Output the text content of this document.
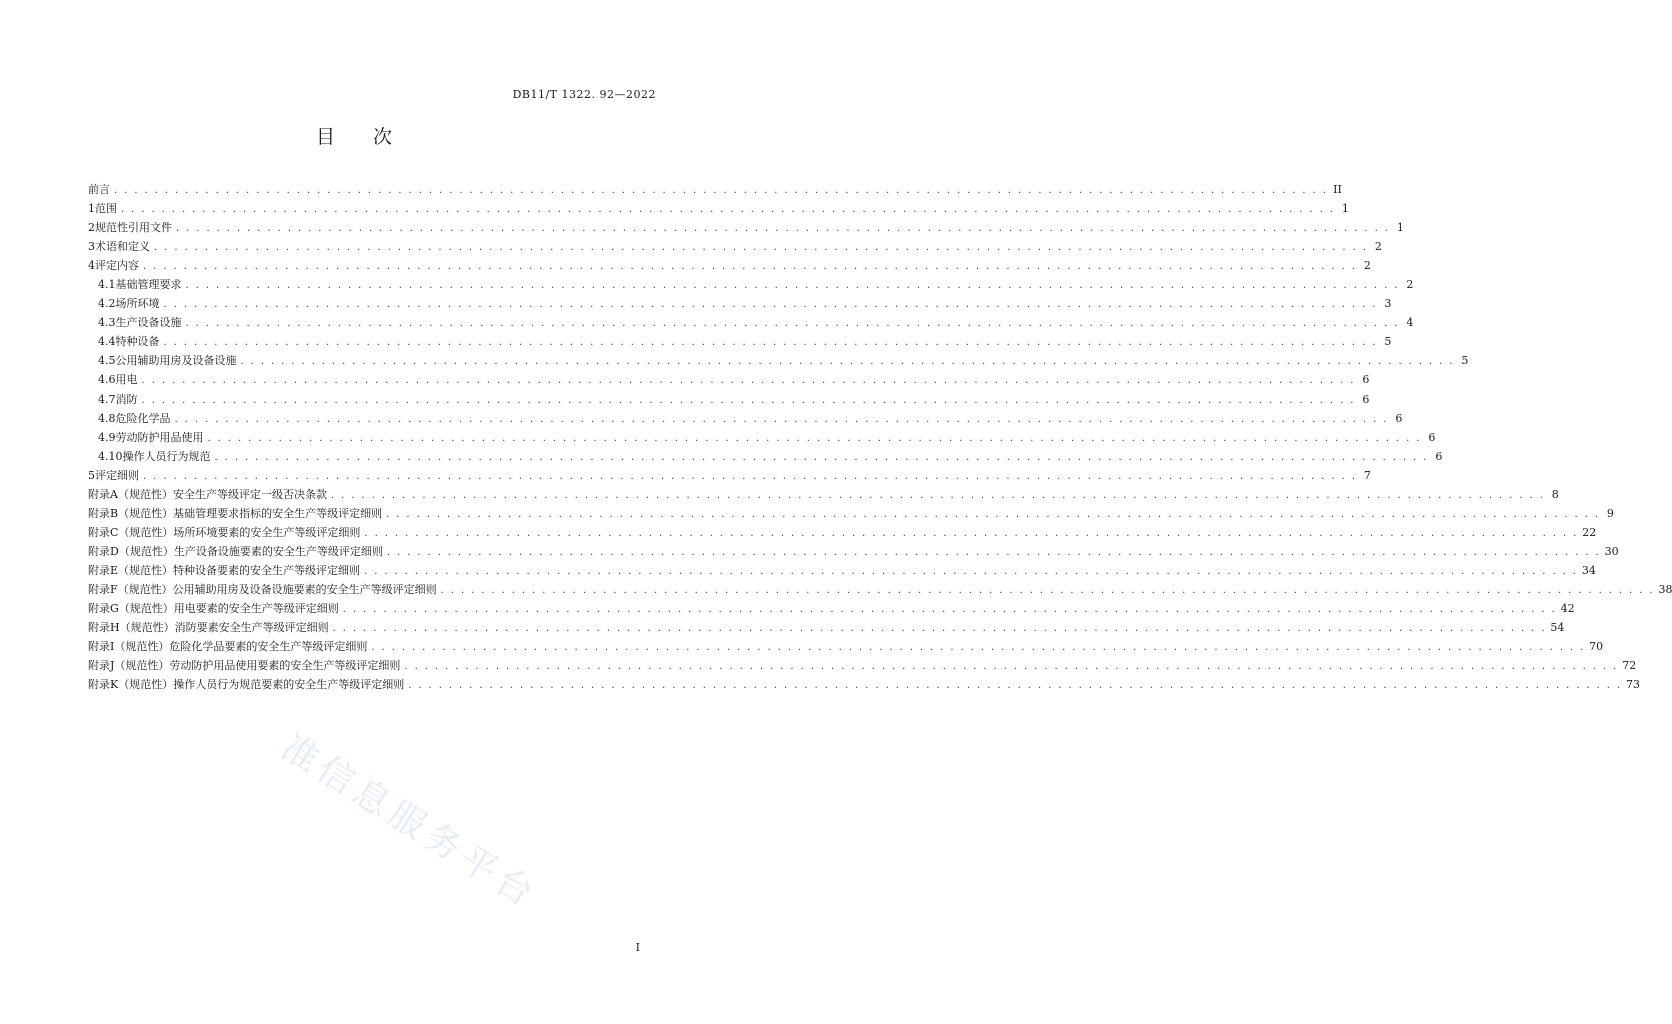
DB11/T 1322. 92—2022
目 次
前言 . . . . . . . . . . . . . . . . . . . . . . . . . . . . . . . . . . . . . . . . . . . . . . . . . . . . . . . . . . . . . . . . . . . . . . . . . . . . . . . . . . . . . . . . . . . . . . . . . . . . . . . . . . . . . . . . . . . . . . . . II
1 范围 . . . . . . . . . . . . . . . . . . . . . . . . . . . . . . . . . . . . . . . . . . . . . . . . . . . . . . . . . . . . . . . . . . . . . . . . . . . . . . . . . . . . . . . . . . . . . . . . . . . . . . . . . . . . . . . . . . . . . . . . 1
2 规范性引用文件 . . . . . . . . . . . . . . . . . . . . . . . . . . . . . . . . . . . . . . . . . . . . . . . . . . . . . . . . . . . . . . . . . . . . . . . . . . . . . . . . . . . . . . . . . . . . . . . . . . . . . . . . . . . . . . . . . . . . . . . . 1
3 术语和定义 . . . . . . . . . . . . . . . . . . . . . . . . . . . . . . . . . . . . . . . . . . . . . . . . . . . . . . . . . . . . . . . . . . . . . . . . . . . . . . . . . . . . . . . . . . . . . . . . . . . . . . . . . . . . . . . . . . . . . . . . 2
4 评定内容 . . . . . . . . . . . . . . . . . . . . . . . . . . . . . . . . . . . . . . . . . . . . . . . . . . . . . . . . . . . . . . . . . . . . . . . . . . . . . . . . . . . . . . . . . . . . . . . . . . . . . . . . . . . . . . . . . . . . . . . . 2
4.1 基础管理要求 . . . . . . . . . . . . . . . . . . . . . . . . . . . . . . . . . . . . . . . . . . . . . . . . . . . . . . . . . . . . . . . . . . . . . . . . . . . . . . . . . . . . . . . . . . . . . . . . . . . . . . . . . . . . . . . . . . . . . . . . 2
4.2 场所环境 . . . . . . . . . . . . . . . . . . . . . . . . . . . . . . . . . . . . . . . . . . . . . . . . . . . . . . . . . . . . . . . . . . . . . . . . . . . . . . . . . . . . . . . . . . . . . . . . . . . . . . . . . . . . . . . . . . . . . . . . 3
4.3 生产设备设施 . . . . . . . . . . . . . . . . . . . . . . . . . . . . . . . . . . . . . . . . . . . . . . . . . . . . . . . . . . . . . . . . . . . . . . . . . . . . . . . . . . . . . . . . . . . . . . . . . . . . . . . . . . . . . . . . . . . . . . . . 4
4.4 特种设备 . . . . . . . . . . . . . . . . . . . . . . . . . . . . . . . . . . . . . . . . . . . . . . . . . . . . . . . . . . . . . . . . . . . . . . . . . . . . . . . . . . . . . . . . . . . . . . . . . . . . . . . . . . . . . . . . . . . . . . . . 5
4.5 公用辅助用房及设备设施 . . . . . . . . . . . . . . . . . . . . . . . . . . . . . . . . . . . . . . . . . . . . . . . . . . . . . . . . . . . . . . . . . . . . . . . . . . . . . . . . . . . . . . . . . . . . . . . . . . . . . . . . . . . . . . . . . . . . . . . . 5
4.6 用电 . . . . . . . . . . . . . . . . . . . . . . . . . . . . . . . . . . . . . . . . . . . . . . . . . . . . . . . . . . . . . . . . . . . . . . . . . . . . . . . . . . . . . . . . . . . . . . . . . . . . . . . . . . . . . . . . . . . . . . . . 6
4.7 消防 . . . . . . . . . . . . . . . . . . . . . . . . . . . . . . . . . . . . . . . . . . . . . . . . . . . . . . . . . . . . . . . . . . . . . . . . . . . . . . . . . . . . . . . . . . . . . . . . . . . . . . . . . . . . . . . . . . . . . . . . 6
4.8 危险化学品 . . . . . . . . . . . . . . . . . . . . . . . . . . . . . . . . . . . . . . . . . . . . . . . . . . . . . . . . . . . . . . . . . . . . . . . . . . . . . . . . . . . . . . . . . . . . . . . . . . . . . . . . . . . . . . . . . . . . . . . . 6
4.9 劳动防护用品使用 . . . . . . . . . . . . . . . . . . . . . . . . . . . . . . . . . . . . . . . . . . . . . . . . . . . . . . . . . . . . . . . . . . . . . . . . . . . . . . . . . . . . . . . . . . . . . . . . . . . . . . . . . . . . . . . . . . . . . . . . 6
4.10 操作人员行为规范 . . . . . . . . . . . . . . . . . . . . . . . . . . . . . . . . . . . . . . . . . . . . . . . . . . . . . . . . . . . . . . . . . . . . . . . . . . . . . . . . . . . . . . . . . . . . . . . . . . . . . . . . . . . . . . . . . . . . . . . . 6
5 评定细则 . . . . . . . . . . . . . . . . . . . . . . . . . . . . . . . . . . . . . . . . . . . . . . . . . . . . . . . . . . . . . . . . . . . . . . . . . . . . . . . . . . . . . . . . . . . . . . . . . . . . . . . . . . . . . . . . . . . . . . . . 7
附录A（规范性） 安全生产等级评定一级否决条款 . . . . . . . . . . . . . . . . . . . . . . . . . . . . . . . . . . . . . . . . . . . . . . . . . . . . . . . . . . . . . . . . . . . . . . . . . . . . . . . . . . . . . . . . . . . . . . . . . . . . . . . . . . . . . . . . . . . . . . . . 8
附录B（规范性） 基础管理要求指标的安全生产等级评定细则 . . . . . . . . . . . . . . . . . . . . . . . . . . . . . . . . . . . . . . . . . . . . . . . . . . . . . . . . . . . . . . . . . . . . . . . . . . . . . . . . . . . . . . . . . . . . . . . . . . . . . . . . . . . . . . . . . . . . . . . . 9
附录C（规范性） 场所环境要素的安全生产等级评定细则 . . . . . . . . . . . . . . . . . . . . . . . . . . . . . . . . . . . . . . . . . . . . . . . . . . . . . . . . . . . . . . . . . . . . . . . . . . . . . . . . . . . . . . . . . . . . . . . . . . . . . . . . . . . . . . . . . . . . . . . . 22
附录D（规范性） 生产设备设施要素的安全生产等级评定细则 . . . . . . . . . . . . . . . . . . . . . . . . . . . . . . . . . . . . . . . . . . . . . . . . . . . . . . . . . . . . . . . . . . . . . . . . . . . . . . . . . . . . . . . . . . . . . . . . . . . . . . . . . . . . . . . . . . . . . . . . 30
附录E（规范性） 特种设备要素的安全生产等级评定细则 . . . . . . . . . . . . . . . . . . . . . . . . . . . . . . . . . . . . . . . . . . . . . . . . . . . . . . . . . . . . . . . . . . . . . . . . . . . . . . . . . . . . . . . . . . . . . . . . . . . . . . . . . . . . . . . . . . . . . . . . 34
附录F（规范性） 公用辅助用房及设备设施要素的安全生产等级评定细则 . . . . . . . . . . . . . . . . . . . . . . . . . . . . . . . . . . . . . . . . . . . . . . . . . . . . . . . . . . . . . . . . . . . . . . . . . . . . . . . . . . . . . . . . . . . . . . . . . . . . . . . . . . . . . . . . . . . . . . . . 38
附录G（规范性） 用电要素的安全生产等级评定细则 . . . . . . . . . . . . . . . . . . . . . . . . . . . . . . . . . . . . . . . . . . . . . . . . . . . . . . . . . . . . . . . . . . . . . . . . . . . . . . . . . . . . . . . . . . . . . . . . . . . . . . . . . . . . . . . . . . . . . . . . 42
附录H（规范性） 消防要素安全生产等级评定细则 . . . . . . . . . . . . . . . . . . . . . . . . . . . . . . . . . . . . . . . . . . . . . . . . . . . . . . . . . . . . . . . . . . . . . . . . . . . . . . . . . . . . . . . . . . . . . . . . . . . . . . . . . . . . . . . . . . . . . . . . 54
附录I（规范性） 危险化学品要素的安全生产等级评定细则 . . . . . . . . . . . . . . . . . . . . . . . . . . . . . . . . . . . . . . . . . . . . . . . . . . . . . . . . . . . . . . . . . . . . . . . . . . . . . . . . . . . . . . . . . . . . . . . . . . . . . . . . . . . . . . . . . . . . . . . . 70
附录J（规范性） 劳动防护用品使用要素的安全生产等级评定细则 . . . . . . . . . . . . . . . . . . . . . . . . . . . . . . . . . . . . . . . . . . . . . . . . . . . . . . . . . . . . . . . . . . . . . . . . . . . . . . . . . . . . . . . . . . . . . . . . . . . . . . . . . . . . . . . . . . . . . . . . 72
附录K（规范性） 操作人员行为规范要素的安全生产等级评定细则 . . . . . . . . . . . . . . . . . . . . . . . . . . . . . . . . . . . . . . . . . . . . . . . . . . . . . . . . . . . . . . . . . . . . . . . . . . . . . . . . . . . . . . . . . . . . . . . . . . . . . . . . . . . . . . . . . . . . . . . . 73
准信息服务平台
I
